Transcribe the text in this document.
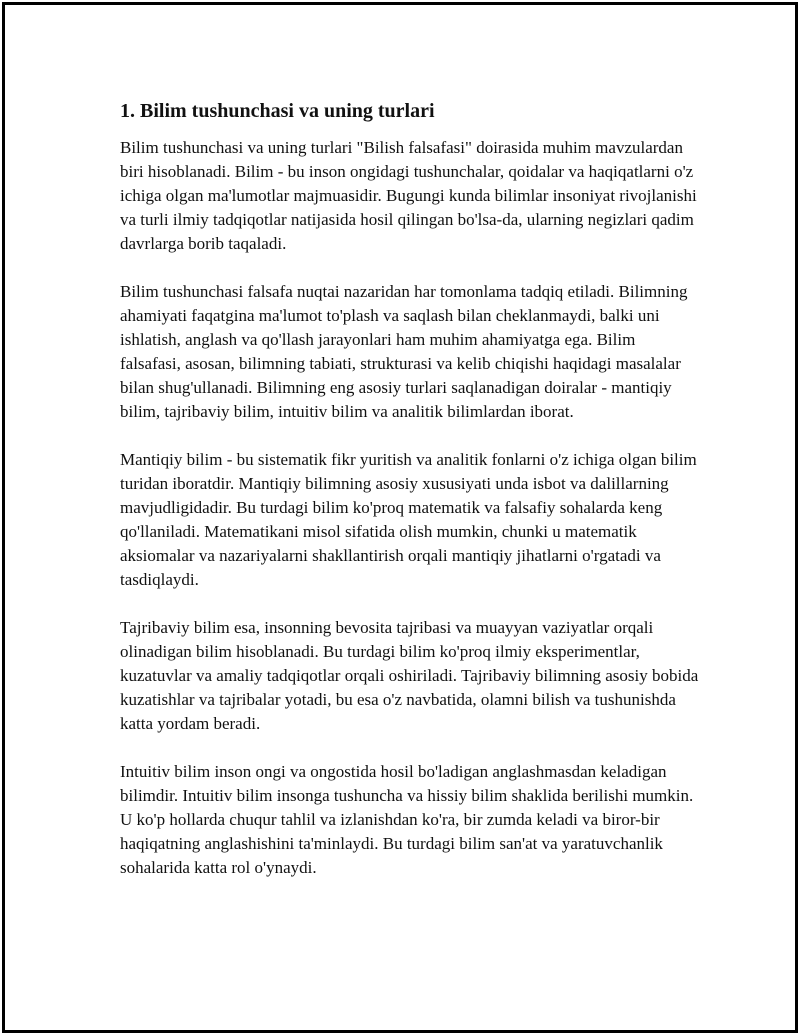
1. Bilim tushunchasi va uning turlari

Bilim tushunchasi va uning turlari "Bilish falsafasi" doirasida muhim mavzulardan biri hisoblanadi. Bilim - bu inson ongidagi tushunchalar, qoidalar va haqiqatlarni o'z ichiga olgan ma'lumotlar majmuasidir. Bugungi kunda bilimlar insoniyat rivojlanishi va turli ilmiy tadqiqotlar natijasida hosil qilingan bo'lsa-da, ularning negizlari qadim davrlarga borib taqaladi.

Bilim tushunchasi falsafa nuqtai nazaridan har tomonlama tadqiq etiladi. Bilimning ahamiyati faqatgina ma'lumot to'plash va saqlash bilan cheklanmaydi, balki uni ishlatish, anglash va qo'llash jarayonlari ham muhim ahamiyatga ega. Bilim falsafasi, asosan, bilimning tabiati, strukturasi va kelib chiqishi haqidagi masalalar bilan shug'ullanadi. Bilimning eng asosiy turlari saqlanadigan doiralar - mantiqiy bilim, tajribaviy bilim, intuitiv bilim va analitik bilimlardan iborat.

Mantiqiy bilim - bu sistematik fikr yuritish va analitik fonlarni o'z ichiga olgan bilim turidan iboratdir. Mantiqiy bilimning asosiy xususiyati unda isbot va dalillarning mavjudligidadir. Bu turdagi bilim ko'proq matematik va falsafiy sohalarda keng qo'llaniladi. Matematikani misol sifatida olish mumkin, chunki u matematik aksiomalar va nazariyalarni shakllantirish orqali mantiqiy jihatlarni o'rgatadi va tasdiqlaydi.

Tajribaviy bilim esa, insonning bevosita tajribasi va muayyan vaziyatlar orqali olinadigan bilim hisoblanadi. Bu turdagi bilim ko'proq ilmiy eksperimentlar, kuzatuvlar va amaliy tadqiqotlar orqali oshiriladi. Tajribaviy bilimning asosiy bobida kuzatishlar va tajribalar yotadi, bu esa o'z navbatida, olamni bilish va tushunishda katta yordam beradi.

Intuitiv bilim inson ongi va ongostida hosil bo'ladigan anglashmasdan keladigan bilimdir. Intuitiv bilim insonga tushuncha va hissiy bilim shaklida berilishi mumkin. U ko'p hollarda chuqur tahlil va izlanishdan ko'ra, bir zumda keladi va biror-bir haqiqatning anglashishini ta'minlaydi. Bu turdagi bilim san'at va yaratuvchanlik sohalarida katta rol o'ynaydi.
